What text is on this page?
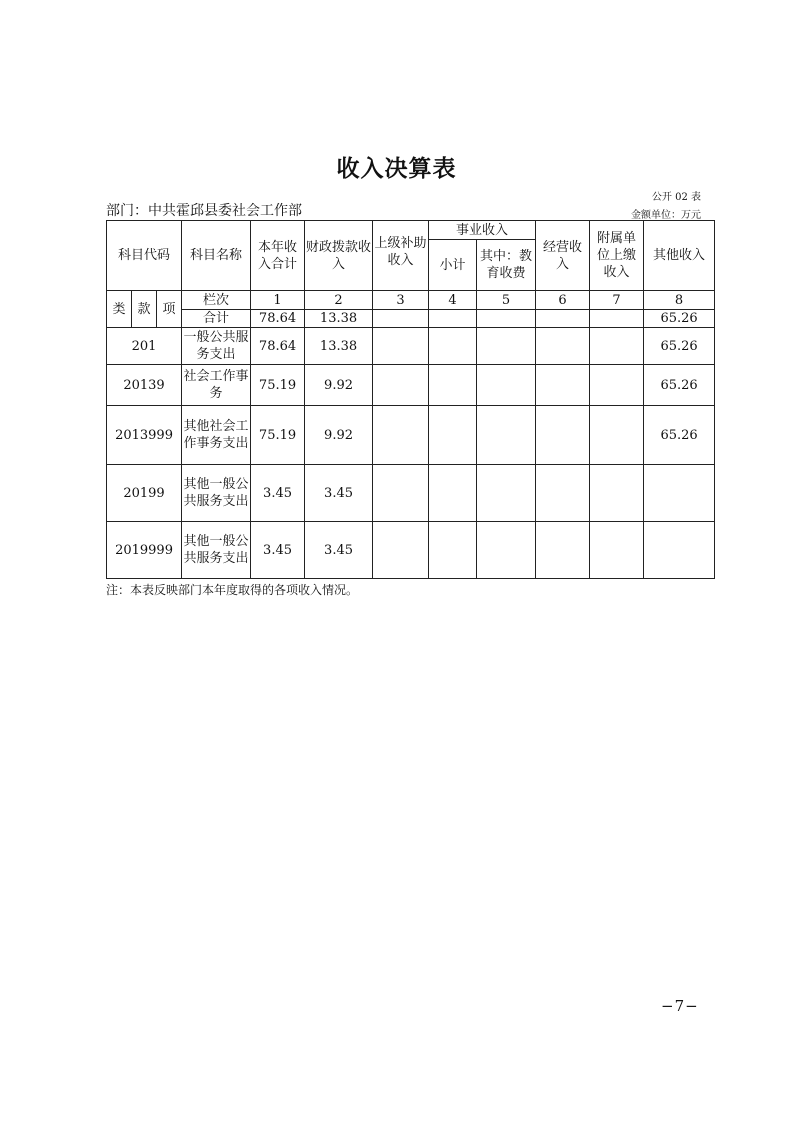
收入决算表
公开 02 表
部门：中共霍邱县委社会工作部	金额单位：万元
科目代码			科目名称	本年收入合计	财政拨款收入	上级补助收入	事业收入		经营收入	附属单位上缴收入	其他收入
							小计	其中：教育收费			
类	款	项	栏次	1	2	3	4	5	6	7	8
			合计	78.64	13.38						65.26
201			一般公共服务支出	78.64	13.38						65.26
20139			社会工作事务	75.19	9.92						65.26
2013999			其他社会工作事务支出	75.19	9.92						65.26
20199			其他一般公共服务支出	3.45	3.45						
2019999			其他一般公共服务支出	3.45	3.45						
注：本表反映部门本年度取得的各项收入情况。
−7−
